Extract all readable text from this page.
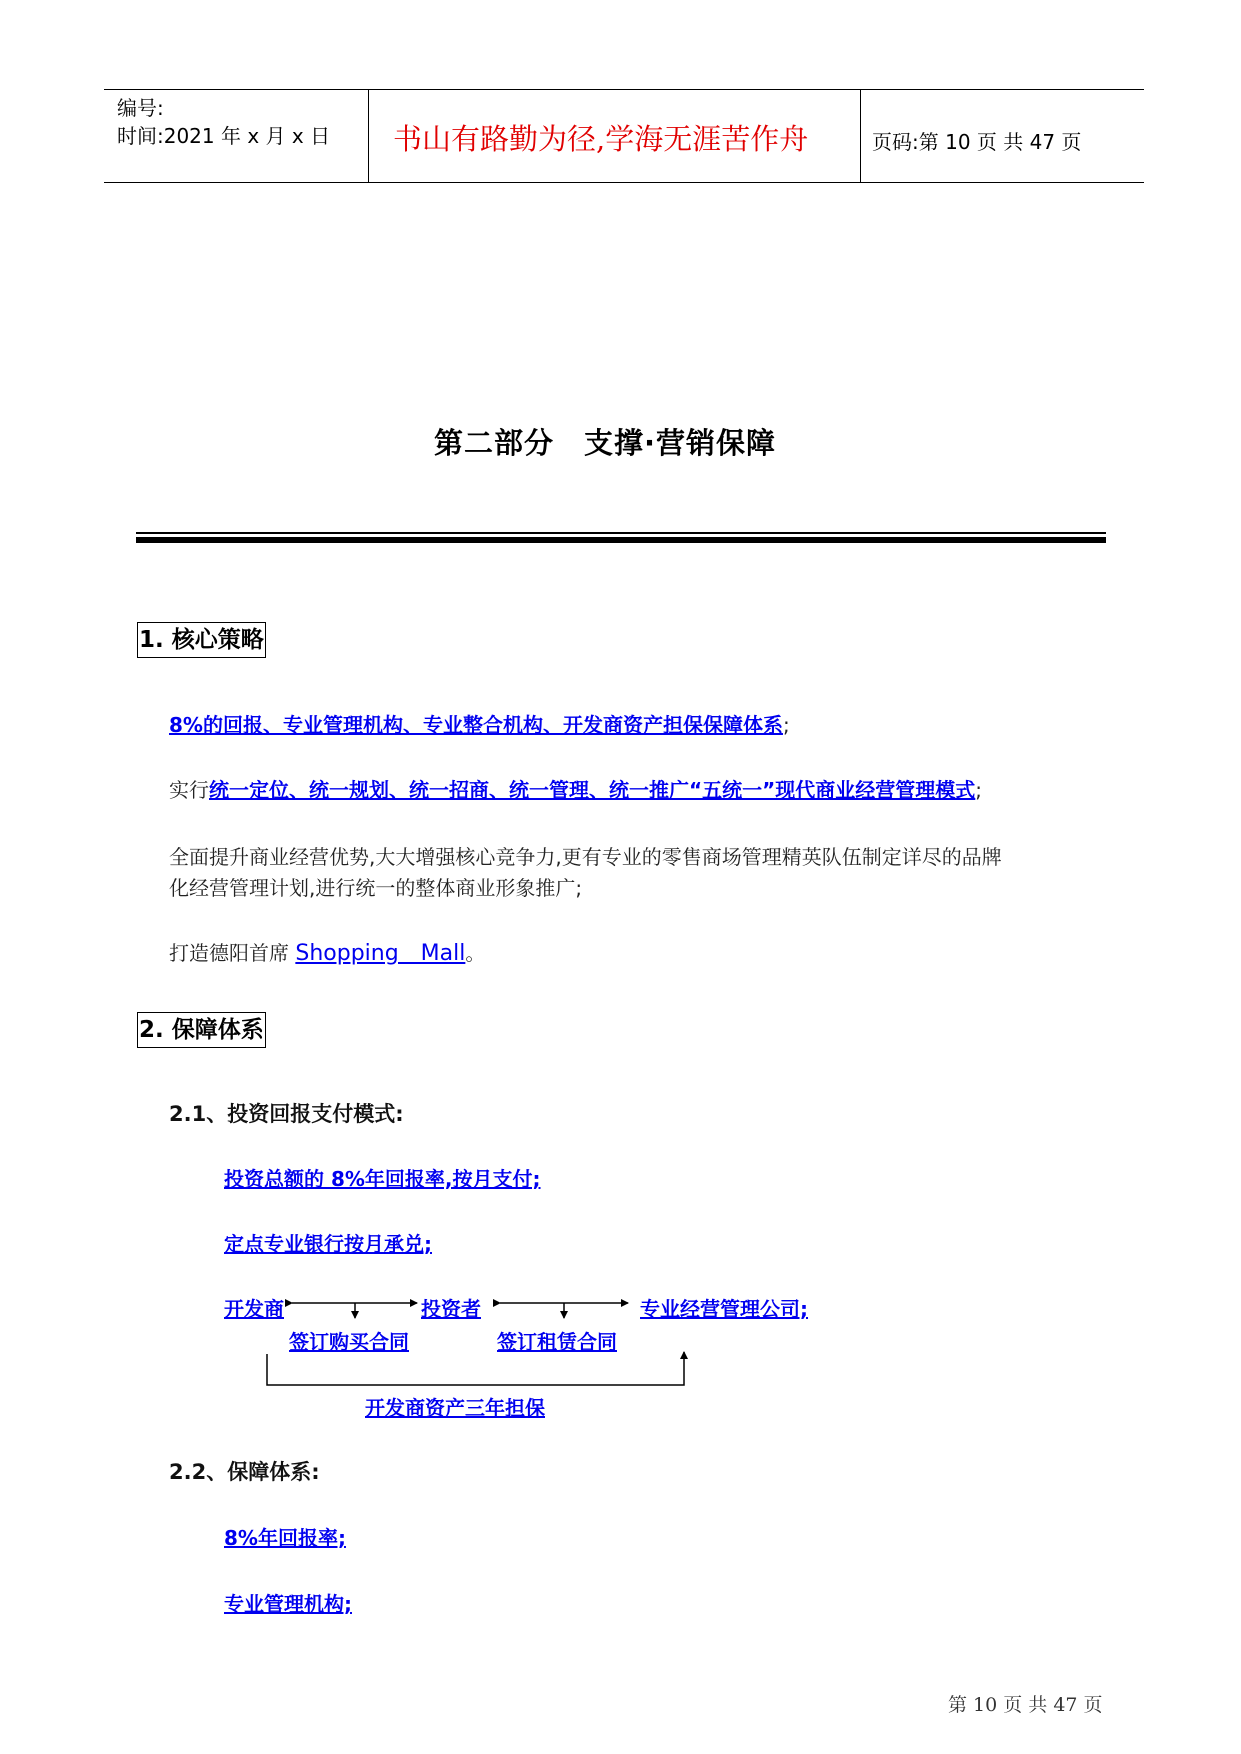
编号:
时间:2021 年 x 月 x 日 书山有路勤为径,学海无涯苦作舟	页码:第 10 页 共 47 页
第二部分　支撑·营销保障
1. 核心策略
8%的回报、专业管理机构、专业整合机构、开发商资产担保保障体系;
实行统一定位、统一规划、统一招商、统一管理、统一推广“五统一”现代商业经营管理模式;
全面提升商业经营优势,大大增强核心竞争力,更有专业的零售商场管理精英队伍制定详尽的品牌
化经营管理计划,进行统一的整体商业形象推广;
打造德阳首席 Shopping　Mall。
2. 保障体系
2.1、投资回报支付模式:
投资总额的 8%年回报率,按月支付;
定点专业银行按月承兑;
开发商	投资者	专业经营管理公司;
签订购买合同	签订租赁合同
开发商资产三年担保
2.2、保障体系:
8%年回报率;
专业管理机构;
第 10 页 共 47 页
